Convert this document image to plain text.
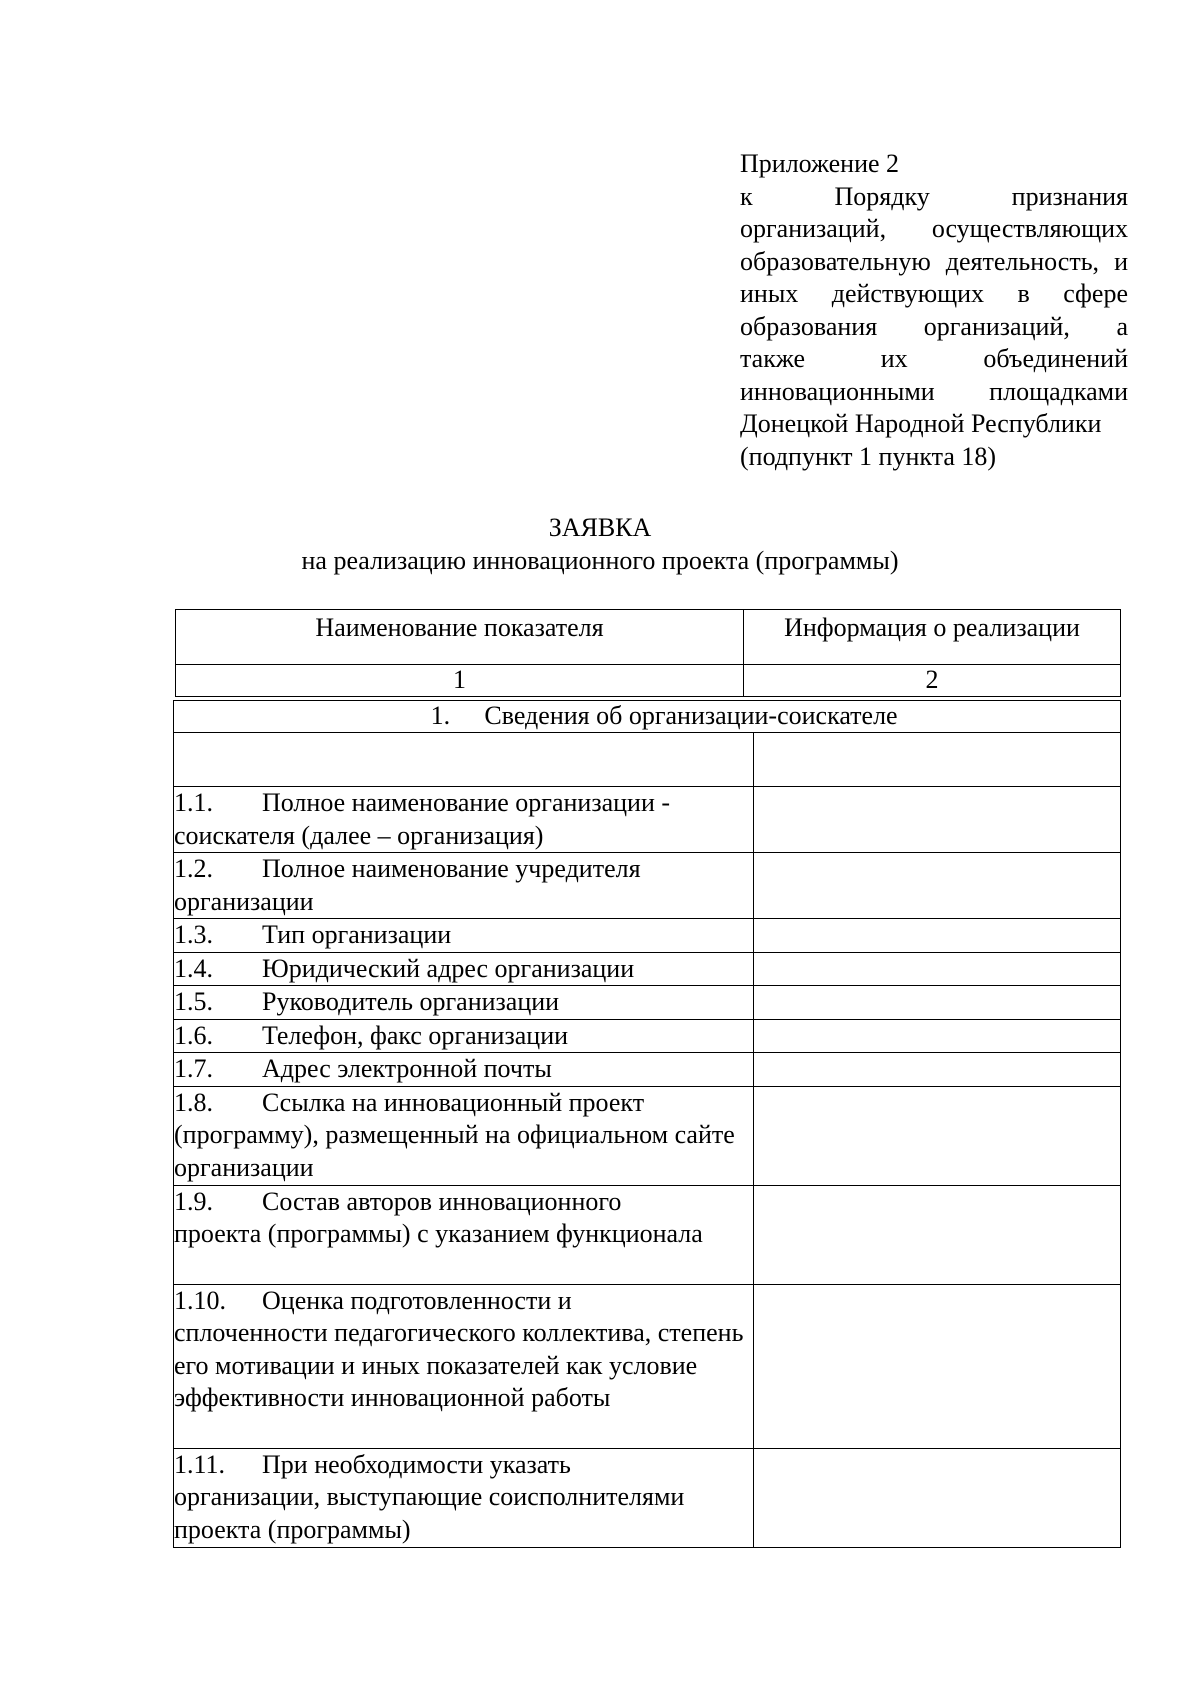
Приложение 2
к Порядку признания
организаций, осуществляющих
образовательную деятельность, и
иных действующих в сфере
образования организаций, а
также их объединений
инновационными площадками
Донецкой Народной Республики
(подпункт 1 пункта 18)
ЗАЯВКА
на реализацию инновационного проекта (программы)
Наименование показателя	Информация о реализации
1	2
1. Сведения об организации-соискателе	

1.1. Полное наименование организации -
соискателя (далее – организация)	
1.2. Полное наименование учредителя
организации	
1.3. Тип организации	
1.4. Юридический адрес организации	
1.5. Руководитель организации	
1.6. Телефон, факс организации	
1.7. Адрес электронной почты	
1.8. Ссылка на инновационный проект
(программу), размещенный на официальном сайте организации	
1.9. Состав авторов инновационного
проекта (программы) с указанием функционала	
1.10. Оценка подготовленности и
сплоченности педагогического коллектива, степень его мотивации и иных показателей как условие эффективности инновационной работы	
1.11. При необходимости указать
организации, выступающие соисполнителями проекта (программы)	
